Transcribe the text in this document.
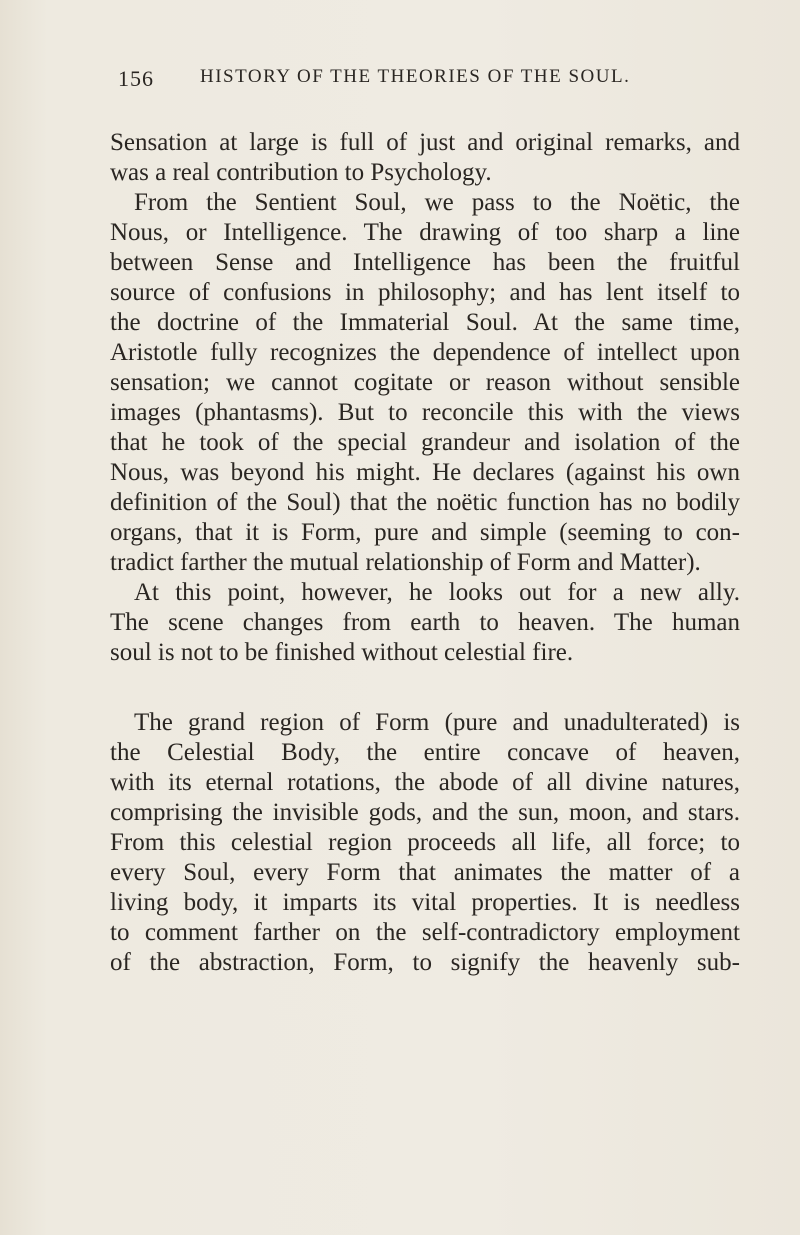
156 HISTORY OF THE THEORIES OF THE SOUL.
Sensation at large is full of just and original remarks, and
was a real contribution to Psychology.
From the Sentient Soul, we pass to the Noëtic, the
Nous, or Intelligence. The drawing of too sharp a line
between Sense and Intelligence has been the fruitful
source of confusions in philosophy; and has lent itself to
the doctrine of the Immaterial Soul. At the same time,
Aristotle fully recognizes the dependence of intellect upon
sensation; we cannot cogitate or reason without sensible
images (phantasms). But to reconcile this with the views
that he took of the special grandeur and isolation of the
Nous, was beyond his might. He declares (against his own
definition of the Soul) that the noëtic function has no bodily
organs, that it is Form, pure and simple (seeming to con-
tradict farther the mutual relationship of Form and Matter).
At this point, however, he looks out for a new ally.
The scene changes from earth to heaven. The human
soul is not to be finished without celestial fire.
The grand region of Form (pure and unadulterated) is
the Celestial Body, the entire concave of heaven,
with its eternal rotations, the abode of all divine natures,
comprising the invisible gods, and the sun, moon, and stars.
From this celestial region proceeds all life, all force; to
every Soul, every Form that animates the matter of a
living body, it imparts its vital properties. It is needless
to comment farther on the self-contradictory employment
of the abstraction, Form, to signify the heavenly sub-
